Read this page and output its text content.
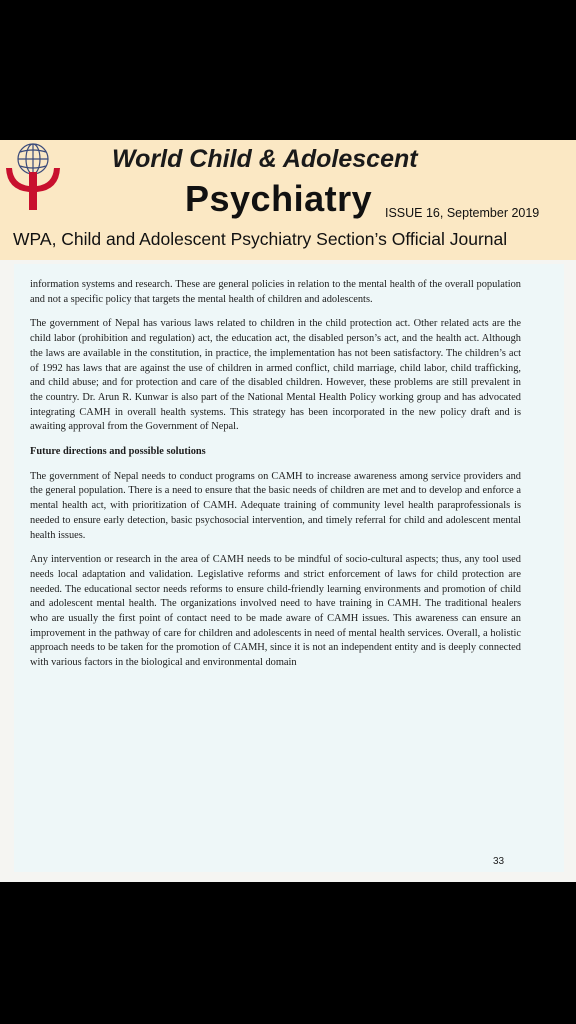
World Child & Adolescent
Psychiatry ISSUE 16, September 2019
WPA, Child and Adolescent Psychiatry Section’s Official Journal

information systems and research. These are general policies in relation to the mental health of the overall population and not a specific policy that targets the mental health of children and adolescents.

The government of Nepal has various laws related to children in the child protection act. Other related acts are the child labor (prohibition and regulation) act, the education act, the disabled person’s act, and the health act. Although the laws are available in the constitution, in practice, the implementation has not been satisfactory. The children’s act of 1992 has laws that are against the use of children in armed conflict, child marriage, child labor, child trafficking, and child abuse; and for protection and care of the disabled children. However, these problems are still prevalent in the country. Dr. Arun R. Kunwar is also part of the National Mental Health Policy working group and has advocated integrating CAMH in overall health systems. This strategy has been incorporated in the new policy draft and is awaiting approval from the Government of Nepal.

Future directions and possible solutions

The government of Nepal needs to conduct programs on CAMH to increase awareness among service providers and the general population. There is a need to ensure that the basic needs of children are met and to develop and enforce a mental health act, with prioritization of CAMH. Adequate training of community level health paraprofessionals is needed to ensure early detection, basic psychosocial intervention, and timely referral for child and adolescent mental health issues.

Any intervention or research in the area of CAMH needs to be mindful of socio-cultural aspects; thus, any tool used needs local adaptation and validation. Legislative reforms and strict enforcement of laws for child protection are needed. The educational sector needs reforms to ensure child-friendly learning environments and promotion of child and adolescent mental health. The organizations involved need to have training in CAMH. The traditional healers who are usually the first point of contact need to be made aware of CAMH issues. This awareness can ensure an improvement in the pathway of care for children and adolescents in need of mental health services. Overall, a holistic approach needs to be taken for the promotion of CAMH, since it is not an independent entity and is deeply connected with various factors in the biological and environmental domain

33
